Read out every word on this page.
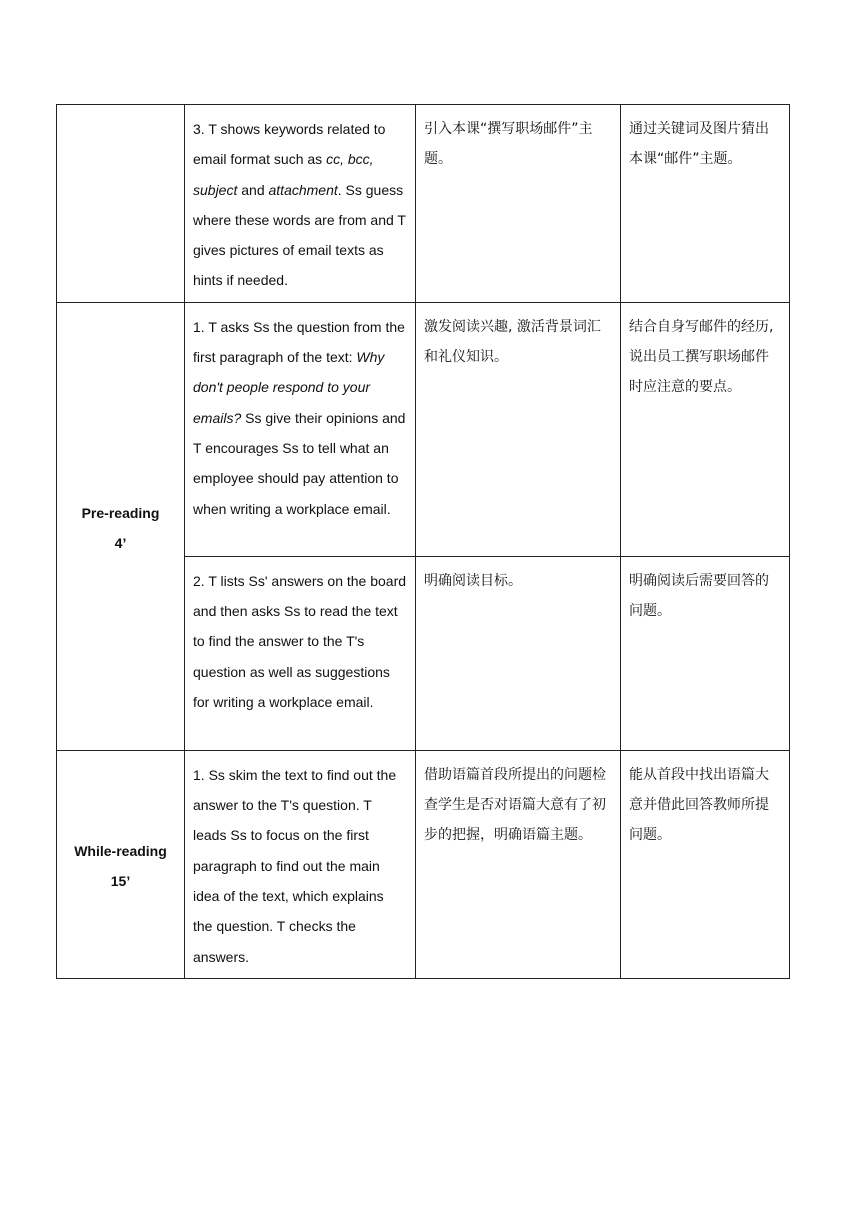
	3. T shows keywords related to email format such as cc, bcc, subject and attachment. Ss guess where these words are from and T gives pictures of email texts as hints if needed.	引入本课“撰写职场邮件”主题。	通过关键词及图片猜出本课“邮件”主题。

Pre-reading
4’	1. T asks Ss the question from the first paragraph of the text: Why don't people respond to your emails? Ss give their opinions and T encourages Ss to tell what an employee should pay attention to when writing a workplace email.	激发阅读兴趣, 激活背景词汇和礼仪知识。	结合自身写邮件的经历,说出员工撰写职场邮件时应注意的要点。
	2. T lists Ss' answers on the board and then asks Ss to read the text to find the answer to the T's question as well as suggestions for writing a workplace email.	明确阅读目标。	明确阅读后需要回答的问题。

While-reading
15’	1. Ss skim the text to find out the answer to the T's question. T leads Ss to focus on the first paragraph to find out the main idea of the text, which explains the question. T checks the answers.	借助语篇首段所提出的问题检查学生是否对语篇大意有了初步的把握，明确语篇主题。	能从首段中找出语篇大意并借此回答教师所提问题。
